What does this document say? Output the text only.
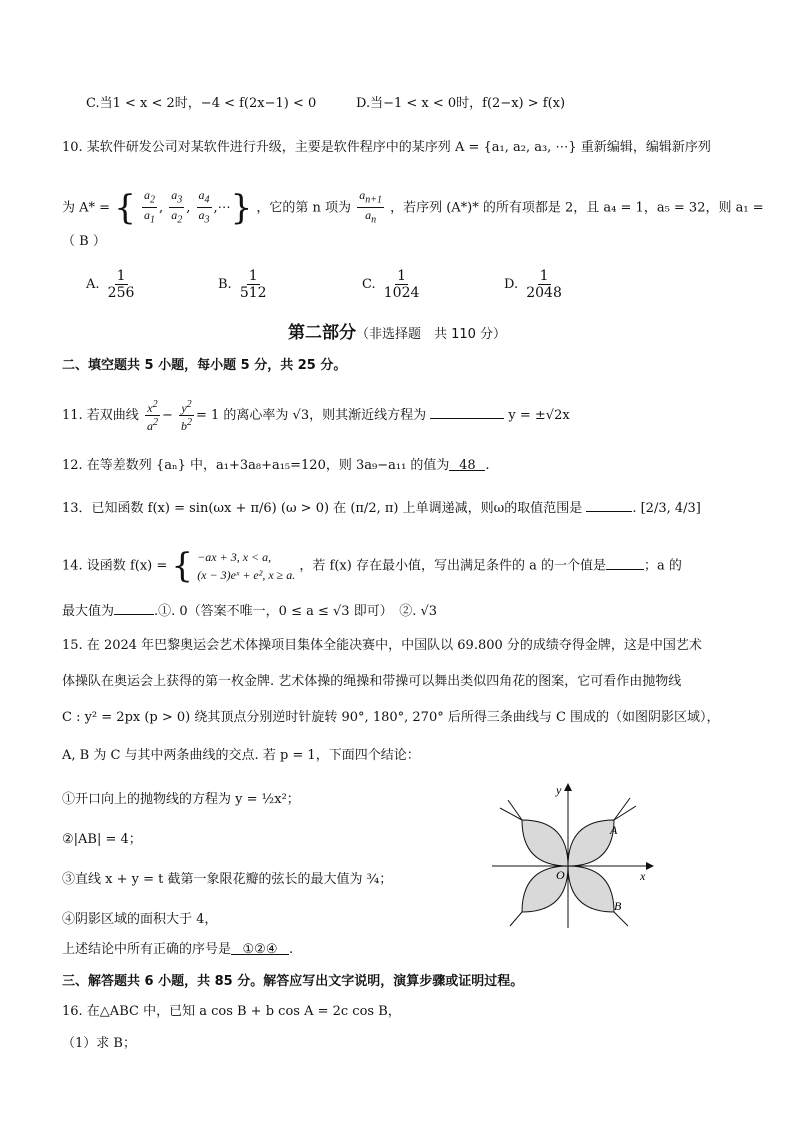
C.当1 < x < 2时，−4 < f(2x−1) < 0	D.当−1 < x < 0时，f(2−x) > f(x)
10. 某软件研发公司对某软件进行升级，主要是软件程序中的某序列 A = {a₁, a₂, a₃, ⋯} 重新编辑，编辑新序列
为 A* = { $\frac{a_2}{a_1}$ , $\frac{a_3}{a_2}$ , $\frac{a_4}{a_3}$ ,⋯} ，它的第 n 项为 $\frac{a_{n+1}}{a_n}$ ，若序列 (A*)* 的所有项都是 2，且 a₄ = 1，a₅ = 32，则 a₁ =
（ B ）
A. $\frac{1}{256}$	B. $\frac{1}{512}$	C. $\frac{1}{1024}$	D. $\frac{1}{2048}$
第二部分（非选择题　共 110 分）
二、填空题共 5 小题，每小题 5 分，共 25 分。
11. 若双曲线 $\frac{x^2}{a^2} - \frac{y^2}{b^2} = 1$ 的离心率为 √3，则其渐近线方程为	y = ±√2x
12. 在等差数列 {aₙ} 中，a₁+3a₈+a₁₅=120，则 3a₉−a₁₁ 的值为 48 .
13．已知函数 f(x) = sin(ωx + π/6) (ω > 0) 在 (π/2, π) 上单调递减，则ω的取值范围是	. [2/3, 4/3]
14. 设函数 f(x) = { −ax + 3, x < a,
(x − 3)eˣ + e², x ≥ a.
，若 f(x) 存在最小值，写出满足条件的 a 的一个值是	；a 的
最大值为	.①. 0（答案不唯一，0 ≤ a ≤ √3 即可）　②. √3
15. 在 2024 年巴黎奥运会艺术体操项目集体全能决赛中，中国队以 69.800 分的成绩夺得金牌，这是中国艺术
体操队在奥运会上获得的第一枚金牌. 艺术体操的绳操和带操可以舞出类似四角花的图案，它可看作由抛物线
C : y² = 2px (p > 0) 绕其顶点分别逆时针旋转 90°, 180°, 270° 后所得三条曲线与 C 围成的（如图阴影区域），
A, B 为 C 与其中两条曲线的交点. 若 p = 1，下面四个结论：
①开口向上的抛物线的方程为 y = ½x²；
②|AB| = 4；
③直线 x + y = t 截第一象限花瓣的弦长的最大值为 ¾；
④阴影区域的面积大于 4，
上述结论中所有正确的序号是 ①②④ .
y
x
O
A
B
三、解答题共 6 小题，共 85 分。解答应写出文字说明，演算步骤或证明过程。
16. 在△ABC 中，已知 a cos B + b cos A = 2c cos B，
（1）求 B；
